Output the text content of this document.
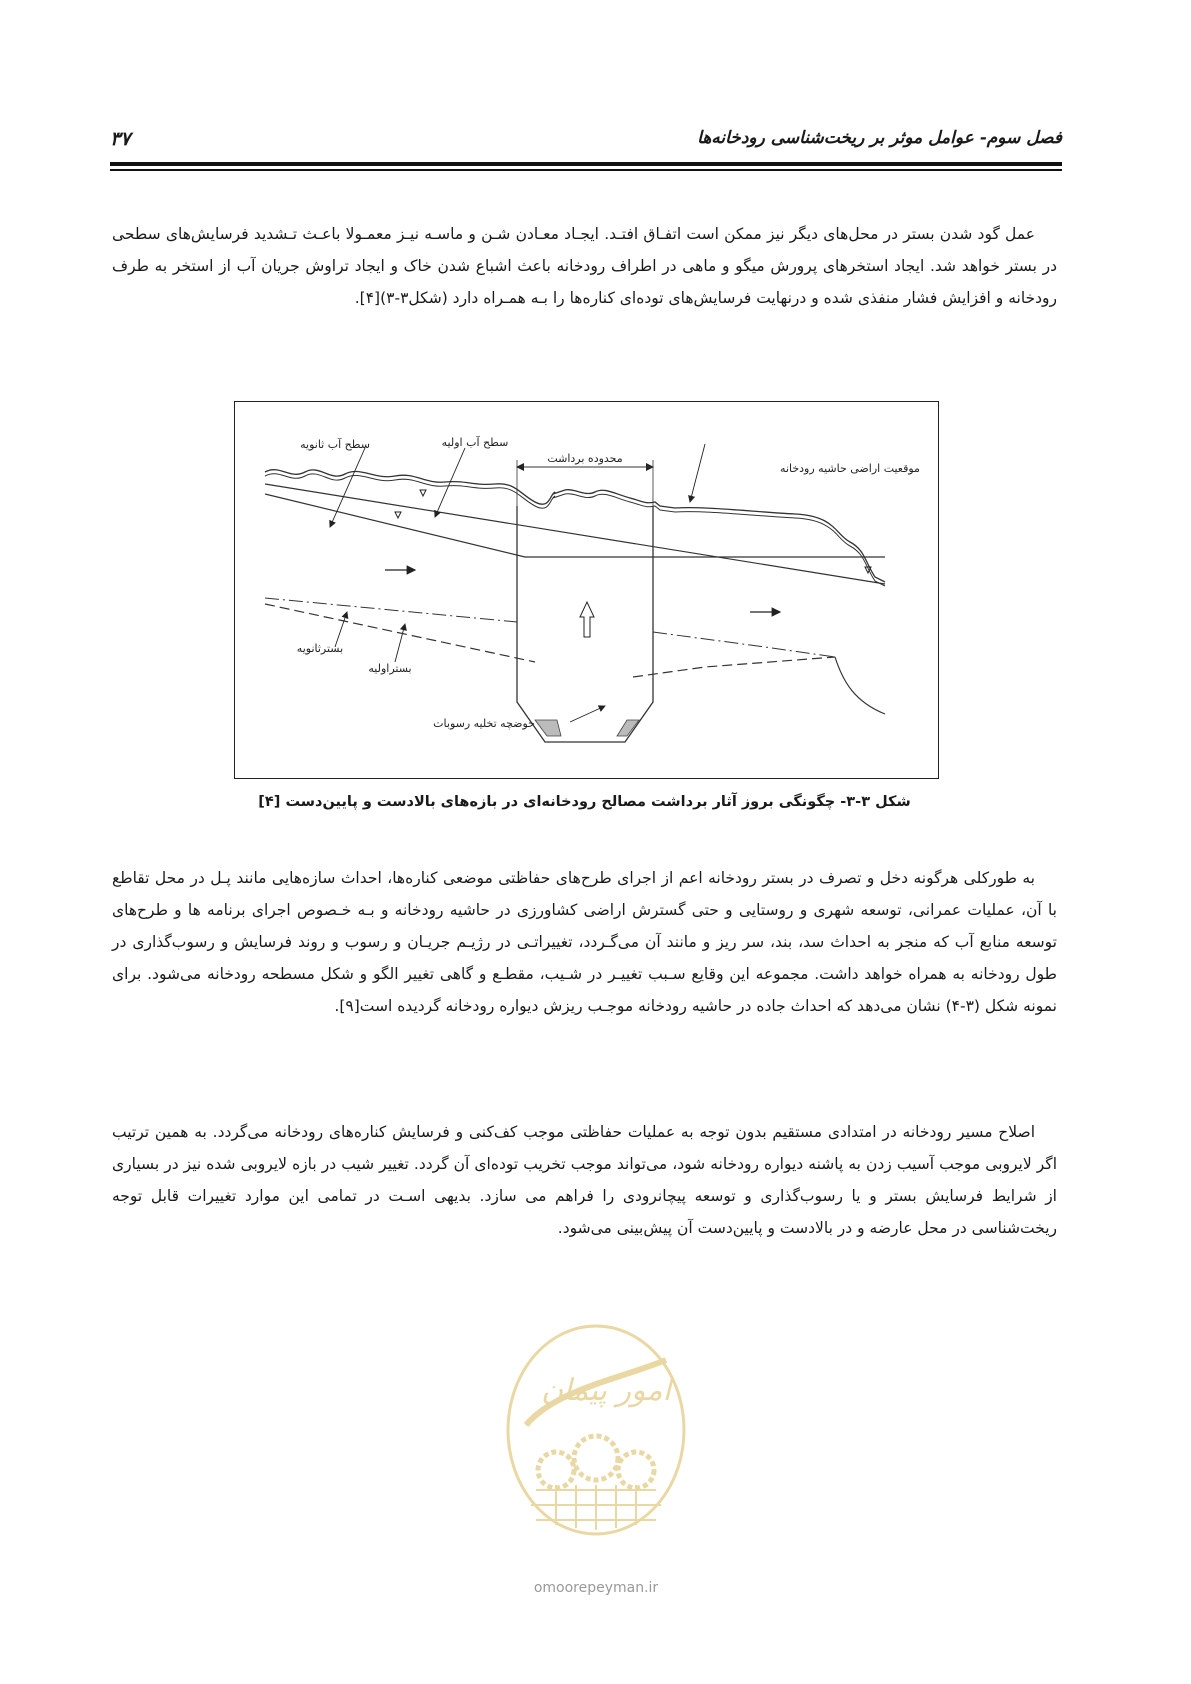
فصل سوم- عوامل موثر بر ریخت‌شناسی رودخانه‌ها
۳۷

عمل گود شدن بستر در محل‌های دیگر نیز ممکن است اتفـاق افتـد. ایجـاد معـادن شـن و ماسـه نیـز معمـولا باعـث تـشدید فرسایش‌های سطحی در بستر خواهد شد. ایجاد استخرهای پرورش میگو و ماهی در اطراف رودخانه باعث اشباع شدن خاک و ایجاد تراوش جریان آب از استخر به طرف رودخانه و افزایش فشار منفذی شده و درنهایت فرسایش‌های توده‌ای کناره‌ها را بـه همـراه دارد (شکل۳-۳)[۴].

سطح آب ثانویه	سطح آب اولیه
محدوده برداشت
موقعیت اراضی حاشیه رودخانه
بسترثانویه
بستراولیه
حوضچه تخلیه رسوبات
شکل ۳-۳- چگونگی بروز آثار برداشت مصالح رودخانه‌ای در بازه‌های بالادست و پایین‌دست [۴]

به طورکلی هرگونه دخل و تصرف در بستر رودخانه اعم از اجرای طرح‌های حفاظتی موضعی کناره‌ها، احداث سازه‌هایی مانند پـل در محل تقاطع با آن، عملیات عمرانی، توسعه شهری و روستایی و حتی گسترش اراضی کشاورزی در حاشیه رودخانه و بـه خـصوص اجرای برنامه ها و طرح‌های توسعه منابع آب که منجر به احداث سد، بند، سر ریز و مانند آن می‌گـردد، تغییراتـی در رژیـم جریـان و رسوب و روند فرسایش و رسوب‌گذاری در طول رودخانه به همراه خواهد داشت. مجموعه این وقایع سـبب تغییـر در شـیب، مقطـع و گاهی تغییر الگو و شکل مسطحه رودخانه می‌شود. برای نمونه شکل (۳-۴) نشان می‌دهد که احداث جاده در حاشیه رودخانه موجـب ریزش دیواره رودخانه گردیده است[۹].

اصلاح مسیر رودخانه در امتدادی مستقیم بدون توجه به عملیات حفاظتی موجب کف‌کنی و فرسایش کناره‌های رودخانه می‌گردد. به همین ترتیب اگر لایروبی موجب آسیب زدن به پاشنه دیواره رودخانه شود، می‌تواند موجب تخریب توده‌ای آن گردد. تغییر شیب در بازه لایروبی شده نیز در بسیاری از شرایط فرسایش بستر و یا رسوب‌گذاری و توسعه پیچانرودی را فراهم می سازد. بدیهی اسـت در تمامی این موارد تغییرات قابل توجه ریخت‌شناسی در محل عارضه و در بالادست و پایین‌دست آن پیش‌بینی می‌شود.

امور پیمان
omoorepeyman.ir
